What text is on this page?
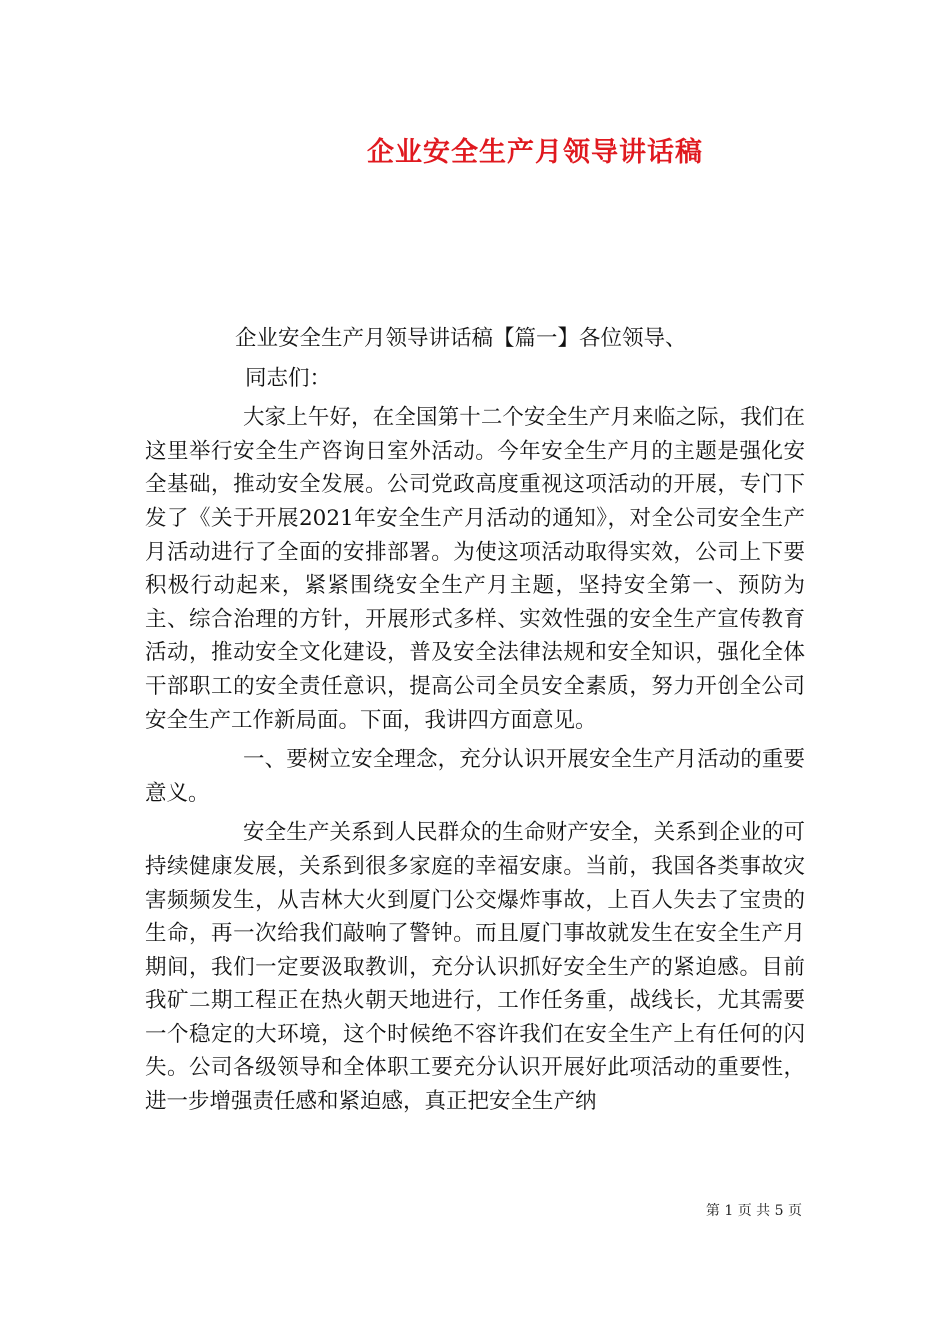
企业安全生产月领导讲话稿

企业安全生产月领导讲话稿【篇一】各位领导、

同志们：

大家上午好，在全国第十二个安全生产月来临之际，我们在这里举行安全生产咨询日室外活动。今年安全生产月的主题是强化安全基础，推动安全发展。公司党政高度重视这项活动的开展，专门下发了《关于开展2021年安全生产月活动的通知》，对全公司安全生产月活动进行了全面的安排部署。为使这项活动取得实效，公司上下要积极行动起来，紧紧围绕安全生产月主题，坚持安全第一、预防为主、综合治理的方针，开展形式多样、实效性强的安全生产宣传教育活动，推动安全文化建设，普及安全法律法规和安全知识，强化全体干部职工的安全责任意识，提高公司全员安全素质，努力开创全公司安全生产工作新局面。下面，我讲四方面意见。

一、要树立安全理念，充分认识开展安全生产月活动的重要意义。

安全生产关系到人民群众的生命财产安全，关系到企业的可持续健康发展，关系到很多家庭的幸福安康。当前，我国各类事故灾害频频发生，从吉林大火到厦门公交爆炸事故，上百人失去了宝贵的生命，再一次给我们敲响了警钟。而且厦门事故就发生在安全生产月期间，我们一定要汲取教训，充分认识抓好安全生产的紧迫感。目前我矿二期工程正在热火朝天地进行，工作任务重，战线长，尤其需要一个稳定的大环境，这个时候绝不容许我们在安全生产上有任何的闪失。公司各级领导和全体职工要充分认识开展好此项活动的重要性，进一步增强责任感和紧迫感，真正把安全生产纳

第 1 页 共 5 页
